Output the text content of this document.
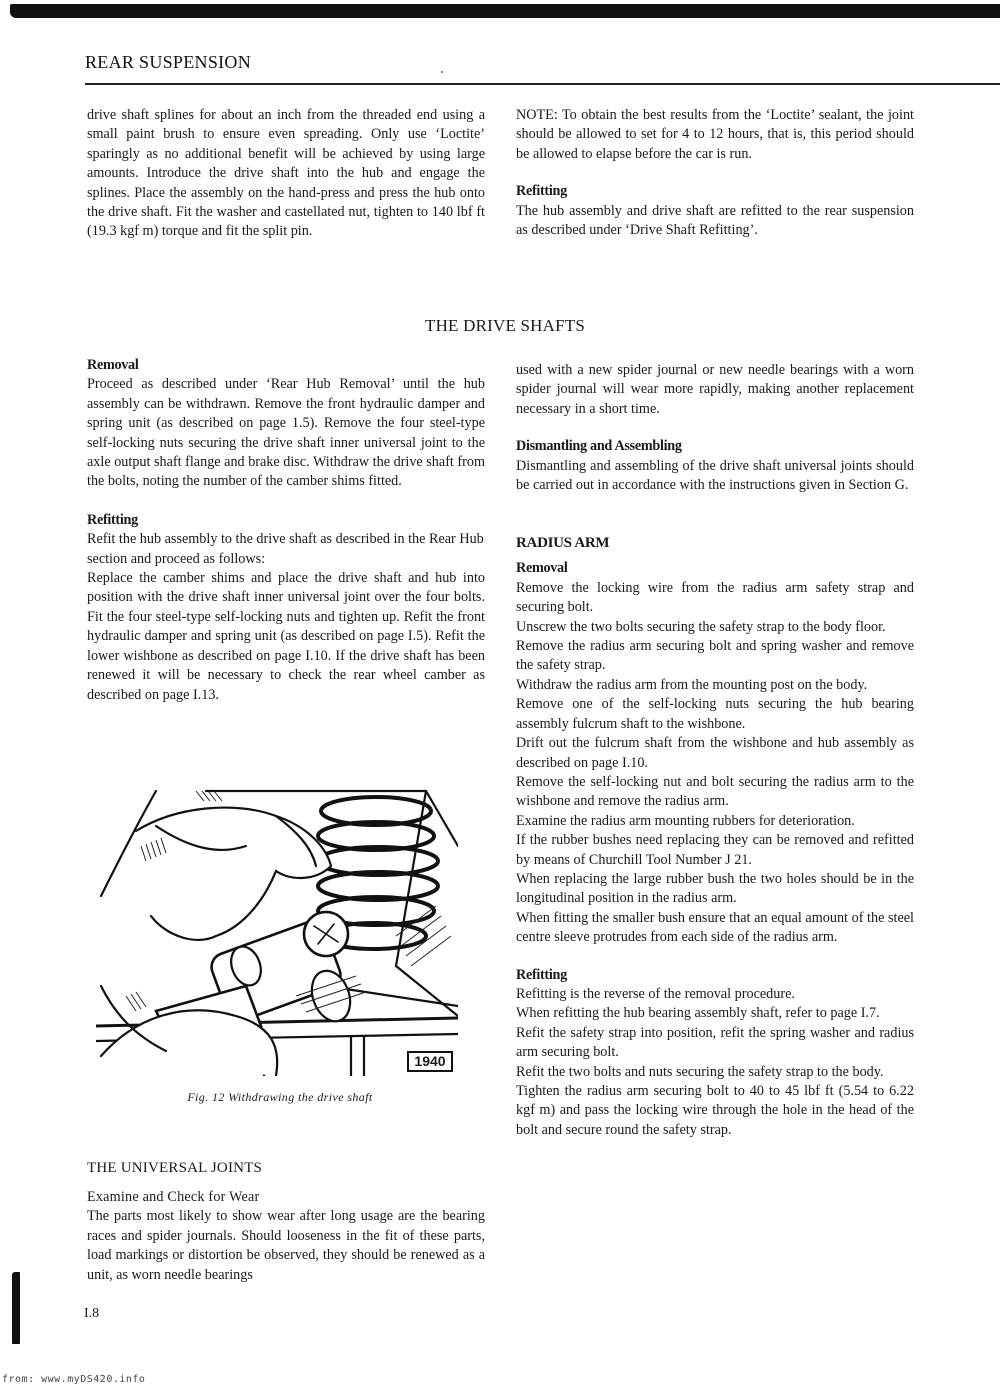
REAR SUSPENSION

drive shaft splines for about an inch from the threaded end using a small paint brush to ensure even spreading. Only use ‘Loctite’ sparingly as no additional benefit will be achieved by using large amounts. Introduce the drive shaft into the hub and engage the splines. Place the assembly on the hand-press and press the hub onto the drive shaft. Fit the washer and castellated nut, tighten to 140 lbf ft (19.3 kgf m) torque and fit the split pin.

NOTE: To obtain the best results from the ‘Loctite’ sealant, the joint should be allowed to set for 4 to 12 hours, that is, this period should be allowed to elapse before the car is run.

Refitting

The hub assembly and drive shaft are refitted to the rear suspension as described under ‘Drive Shaft Refitting’.

THE DRIVE SHAFTS
Removal

Proceed as described under ‘Rear Hub Removal’ until the hub assembly can be withdrawn. Remove the front hydraulic damper and spring unit (as described on page 1.5). Remove the four steel-type self-locking nuts securing the drive shaft inner universal joint to the axle output shaft flange and brake disc. Withdraw the drive shaft from the bolts, noting the number of the camber shims fitted.

Refitting

Refit the hub assembly to the drive shaft as described in the Rear Hub section and proceed as follows:

Replace the camber shims and place the drive shaft and hub into position with the drive shaft inner universal joint over the four bolts. Fit the four steel-type self-locking nuts and tighten up. Refit the front hydraulic damper and spring unit (as described on page I.5). Refit the lower wishbone as described on page I.10. If the drive shaft has been renewed it will be necessary to check the rear wheel camber as described on page I.13.

1940
Fig. 12 Withdrawing the drive shaft
THE UNIVERSAL JOINTS
Examine and Check for Wear

The parts most likely to show wear after long usage are the bearing races and spider journals. Should looseness in the fit of these parts, load markings or distortion be observed, they should be renewed as a unit, as worn needle bearings

used with a new spider journal or new needle bearings with a worn spider journal will wear more rapidly, making another replacement necessary in a short time.

Dismantling and Assembling

Dismantling and assembling of the drive shaft universal joints should be carried out in accordance with the instructions given in Section G.

RADIUS ARM
Removal

Remove the locking wire from the radius arm safety strap and securing bolt.

Unscrew the two bolts securing the safety strap to the body floor.

Remove the radius arm securing bolt and spring washer and remove the safety strap.

Withdraw the radius arm from the mounting post on the body.

Remove one of the self-locking nuts securing the hub bearing assembly fulcrum shaft to the wishbone.

Drift out the fulcrum shaft from the wishbone and hub assembly as described on page I.10.

Remove the self-locking nut and bolt securing the radius arm to the wishbone and remove the radius arm.

Examine the radius arm mounting rubbers for deterioration.

If the rubber bushes need replacing they can be removed and refitted by means of Churchill Tool Number J 21.

When replacing the large rubber bush the two holes should be in the longitudinal position in the radius arm.

When fitting the smaller bush ensure that an equal amount of the steel centre sleeve protrudes from each side of the radius arm.

Refitting

Refitting is the reverse of the removal procedure.

When refitting the hub bearing assembly shaft, refer to page I.7.

Refit the safety strap into position, refit the spring washer and radius arm securing bolt.

Refit the two bolts and nuts securing the safety strap to the body.

Tighten the radius arm securing bolt to 40 to 45 lbf ft (5.54 to 6.22 kgf m) and pass the locking wire through the hole in the head of the bolt and secure round the safety strap.

I.8
from: www.myDS420.info
